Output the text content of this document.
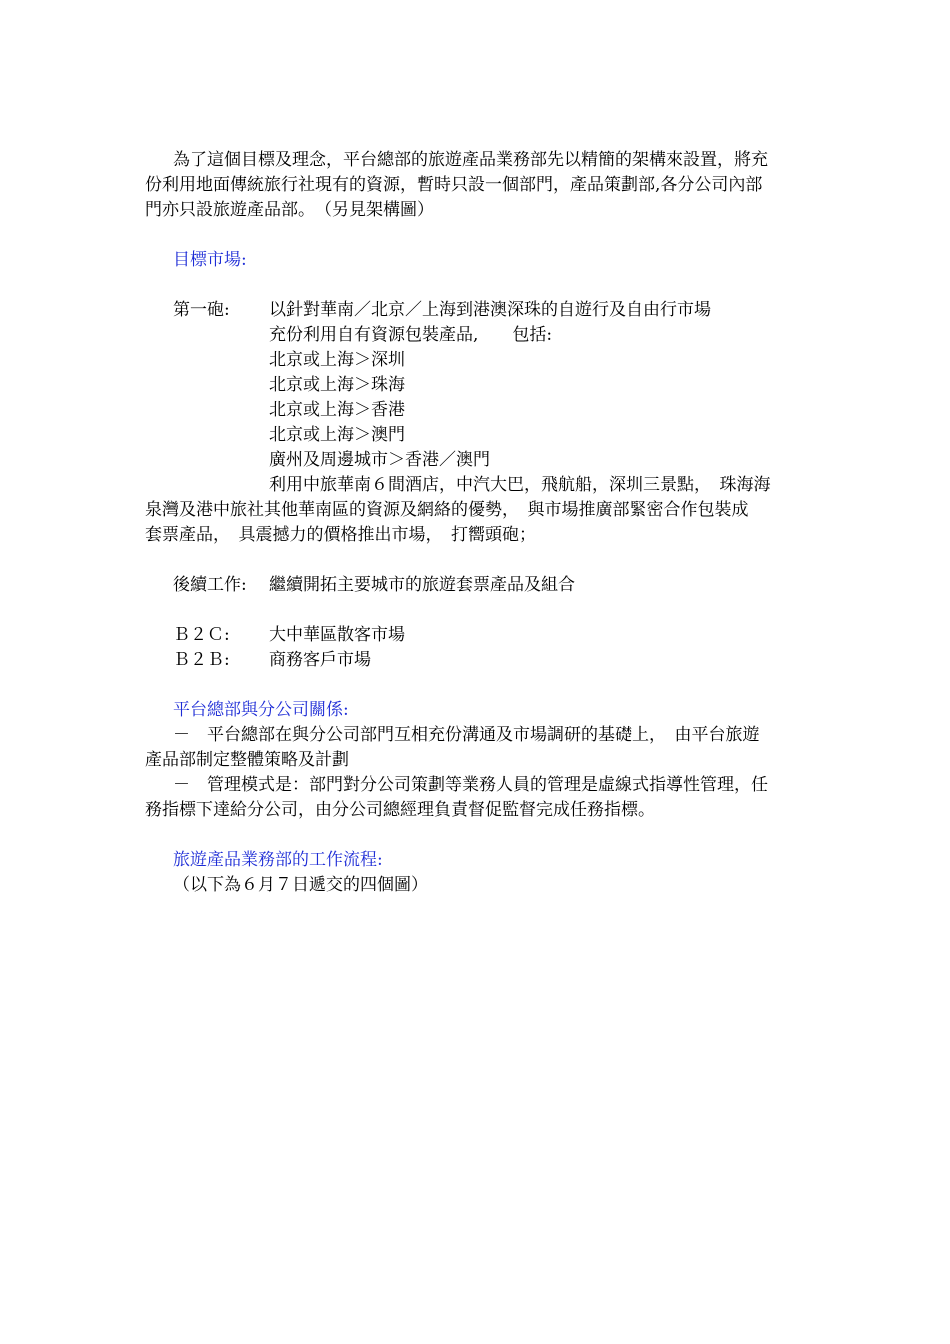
為了這個目標及理念，平台總部的旅遊產品業務部先以精簡的架構來設置，將充
份利用地面傳統旅行社現有的資源，暫時只設一個部門，產品策劃部,各分公司內部
門亦只設旅遊產品部。　（另見架構圖）
目標市場:
第一砲: 以針對華南／北京／上海到港澳深珠的自遊行及自由行市場
充份利用自有資源包裝產品,　　包括:
北京或上海＞深圳
北京或上海＞珠海
北京或上海＞香港
北京或上海＞澳門
廣州及周邊城市＞香港／澳門
利用中旅華南６間酒店，中汽大巴，飛航船，深圳三景點，　珠海海
泉灣及港中旅社其他華南區的資源及網絡的優勢，　與市場推廣部緊密合作包裝成
套票產品，　具震撼力的價格推出市場，　打嚮頭砲；
後續工作: 繼續開拓主要城市的旅遊套票產品及組合
Ｂ２Ｃ: 大中華區散客市場
Ｂ２Ｂ: 商務客戶市場
平台總部與分公司關係:
－　平台總部在與分公司部門互相充份溝通及市場調研的基礎上，　由平台旅遊
產品部制定整體策略及計劃
－　管理模式是：部門對分公司策劃等業務人員的管理是虛線式指導性管理，任
務指標下達給分公司，由分公司總經理負責督促監督完成任務指標。
旅遊產品業務部的工作流程:
（以下為６月７日遞交的四個圖）
